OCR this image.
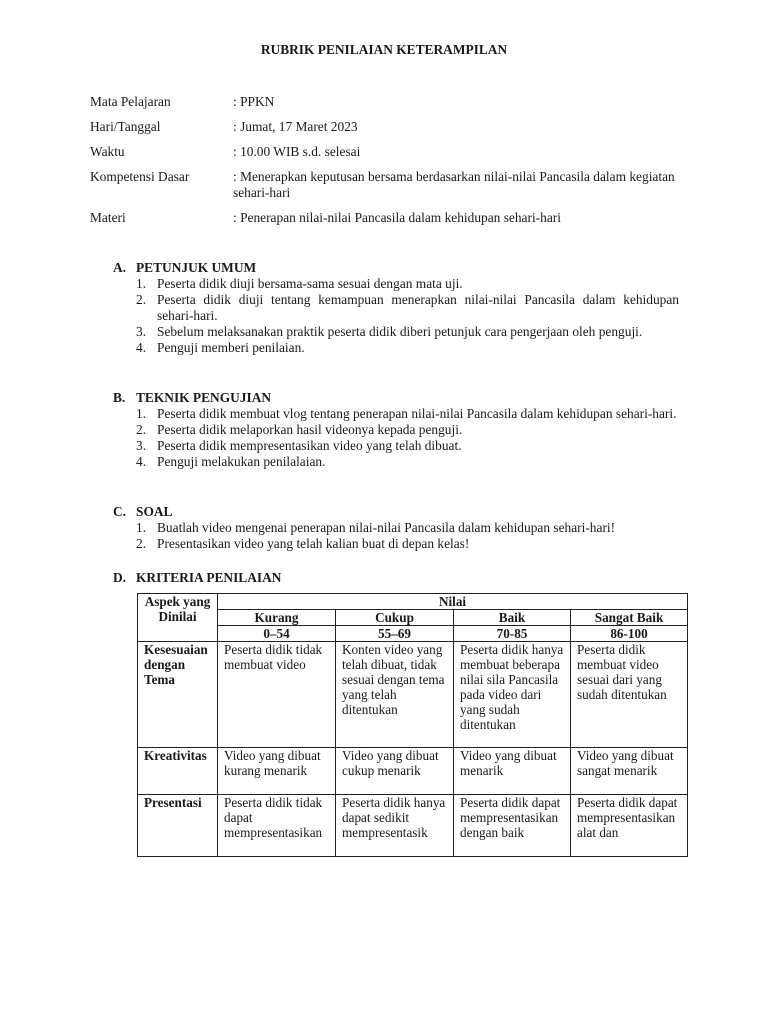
RUBRIK PENILAIAN KETERAMPILAN
Mata Pelajaran	: PPKN
Hari/Tanggal	: Jumat, 17 Maret 2023
Waktu	: 10.00 WIB s.d. selesai
Kompetensi Dasar	: Menerapkan keputusan bersama berdasarkan nilai-nilai Pancasila dalam kegiatan sehari-hari
Materi	: Penerapan nilai-nilai Pancasila dalam kehidupan sehari-hari
A. PETUNJUK UMUM
1. Peserta didik diuji bersama-sama sesuai dengan mata uji.
2. Peserta didik diuji tentang kemampuan menerapkan nilai-nilai Pancasila dalam kehidupan sehari-hari.
3. Sebelum melaksanakan praktik peserta didik diberi petunjuk cara pengerjaan oleh penguji.
4. Penguji memberi penilaian.
B. TEKNIK PENGUJIAN
1. Peserta didik membuat vlog tentang penerapan nilai-nilai Pancasila dalam kehidupan sehari-hari.
2. Peserta didik melaporkan hasil videonya kepada penguji.
3. Peserta didik mempresentasikan video yang telah dibuat.
4. Penguji melakukan penilalaian.
C. SOAL
1. Buatlah video mengenai penerapan nilai-nilai Pancasila dalam kehidupan sehari-hari!
2. Presentasikan video yang telah kalian buat di depan kelas!
D. KRITERIA PENILAIAN
Aspek yang Dinilai	Nilai			
	Kurang	Cukup	Baik	Sangat Baik
	0–54	55–69	70-85	86-100
Kesesuaian dengan Tema	Peserta didik tidak membuat video	Konten video yang telah dibuat, tidak sesuai dengan tema yang telah ditentukan	Peserta didik hanya membuat beberapa nilai sila Pancasila pada video dari yang sudah ditentukan	Peserta didik membuat video sesuai dari yang sudah ditentukan
Kreativitas	Video yang dibuat kurang menarik	Video yang dibuat cukup menarik	Video yang dibuat menarik	Video yang dibuat sangat menarik
Presentasi	Peserta didik tidak dapat mempresentasikan	Peserta didik hanya dapat sedikit mempresentasik	Peserta didik dapat mempresentasikan dengan baik	Peserta didik dapat mempresentasikan alat dan
